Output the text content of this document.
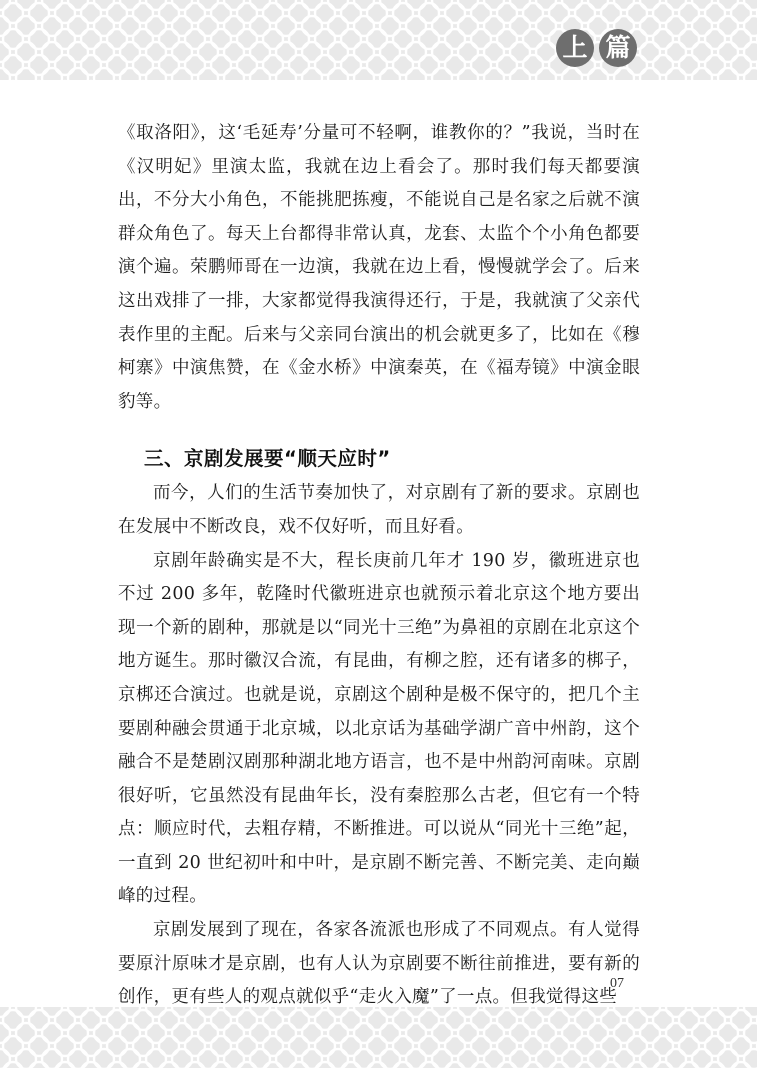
上 篇

《取洛阳》，这‘毛延寿’分量可不轻啊，谁教你的？”我说，当时在《汉明妃》里演太监，我就在边上看会了。那时我们每天都要演出，不分大小角色，不能挑肥拣瘦，不能说自己是名家之后就不演群众角色了。每天上台都得非常认真，龙套、太监个个小角色都要演个遍。荣鹏师哥在一边演，我就在边上看，慢慢就学会了。后来这出戏排了一排，大家都觉得我演得还行，于是，我就演了父亲代表作里的主配。后来与父亲同台演出的机会就更多了，比如在《穆柯寨》中演焦赞，在《金水桥》中演秦英，在《福寿镜》中演金眼豹等。

三、京剧发展要“顺天应时”

而今，人们的生活节奏加快了，对京剧有了新的要求。京剧也在发展中不断改良，戏不仅好听，而且好看。

京剧年龄确实是不大，程长庚前几年才 190 岁，徽班进京也不过 200 多年，乾隆时代徽班进京也就预示着北京这个地方要出现一个新的剧种，那就是以“同光十三绝”为鼻祖的京剧在北京这个地方诞生。那时徽汉合流，有昆曲，有柳之腔，还有诸多的梆子，京梆还合演过。也就是说，京剧这个剧种是极不保守的，把几个主要剧种融会贯通于北京城，以北京话为基础学湖广音中州韵，这个融合不是楚剧汉剧那种湖北地方语言，也不是中州韵河南味。京剧很好听，它虽然没有昆曲年长，没有秦腔那么古老，但它有一个特点：顺应时代，去粗存精，不断推进。可以说从“同光十三绝”起，一直到 20 世纪初叶和中叶，是京剧不断完善、不断完美、走向巅峰的过程。

京剧发展到了现在，各家各流派也形成了不同观点。有人觉得要原汁原味才是京剧，也有人认为京剧要不断往前推进，要有新的创作，更有些人的观点就似乎“走火入魔”了一点。但我觉得这些

07
